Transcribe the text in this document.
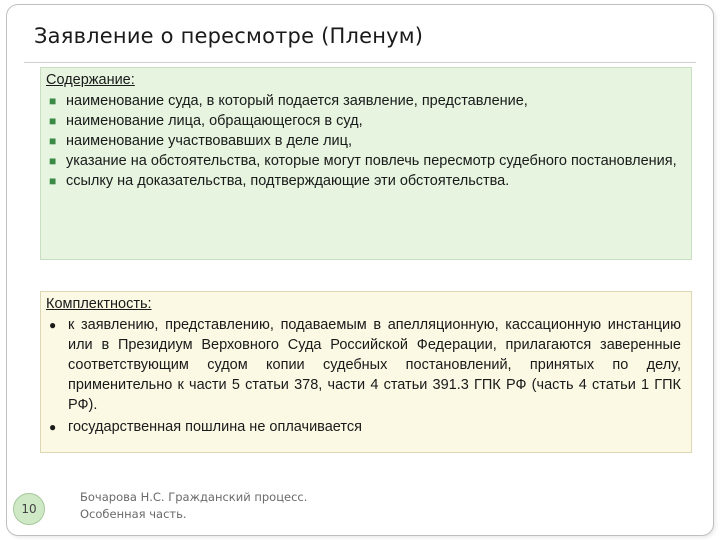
Заявление о пересмотре (Пленум)
Содержание:
■ наименование суда, в который подается заявление, представление,
■ наименование лица, обращающегося в суд,
■ наименование участвовавших в деле лиц,
■ указание на обстоятельства, которые могут повлечь пересмотр судебного постановления,
■ ссылку на доказательства, подтверждающие эти обстоятельства.
Комплектность:
● к заявлению, представлению, подаваемым в апелляционную, кассационную инстанцию или в Президиум Верховного Суда Российской Федерации, прилагаются заверенные соответствующим судом копии судебных постановлений, принятых по делу, применительно к части 5 статьи 378, части 4 статьи 391.3 ГПК РФ (часть 4 статьи 1 ГПК РФ).
● государственная пошлина не оплачивается
10
Бочарова Н.С. Гражданский процесс.
Особенная часть.
